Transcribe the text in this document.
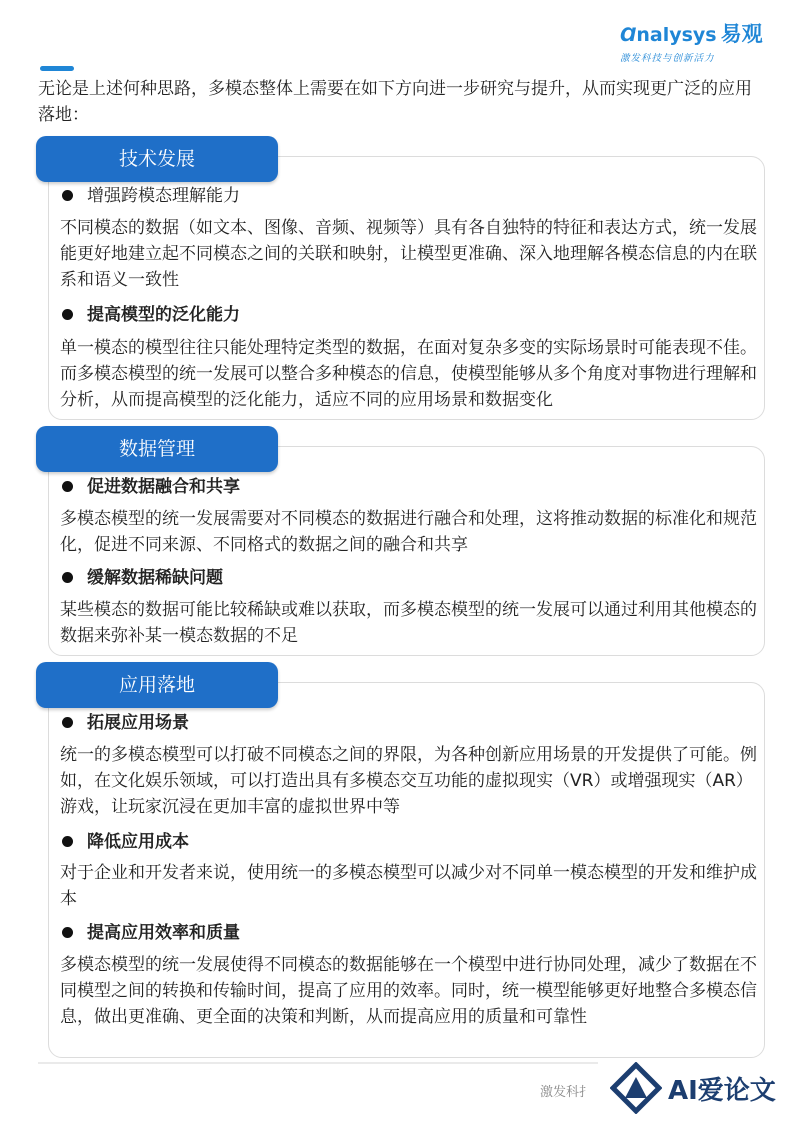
Ɑnalysys 易观
激发科技与创新活力
无论是上述何种思路，多模态整体上需要在如下方向进一步研究与提升，从而实现更广泛的应用落地：
技术发展
增强跨模态理解能力
不同模态的数据（如文本、图像、音频、视频等）具有各自独特的特征和表达方式，统一发展能更好地建立起不同模态之间的关联和映射，让模型更准确、深入地理解各模态信息的内在联系和语义一致性
提高模型的泛化能力
单一模态的模型往往只能处理特定类型的数据，在面对复杂多变的实际场景时可能表现不佳。而多模态模型的统一发展可以整合多种模态的信息，使模型能够从多个角度对事物进行理解和分析，从而提高模型的泛化能力，适应不同的应用场景和数据变化
数据管理
促进数据融合和共享
多模态模型的统一发展需要对不同模态的数据进行融合和处理，这将推动数据的标准化和规范化，促进不同来源、不同格式的数据之间的融合和共享
缓解数据稀缺问题
某些模态的数据可能比较稀缺或难以获取，而多模态模型的统一发展可以通过利用其他模态的数据来弥补某一模态数据的不足
应用落地
拓展应用场景
统一的多模态模型可以打破不同模态之间的界限，为各种创新应用场景的开发提供了可能。例如，在文化娱乐领域，可以打造出具有多模态交互功能的虚拟现实（VR）或增强现实（AR）游戏，让玩家沉浸在更加丰富的虚拟世界中等
降低应用成本
对于企业和开发者来说，使用统一的多模态模型可以减少对不同单一模态模型的开发和维护成本
提高应用效率和质量
多模态模型的统一发展使得不同模态的数据能够在一个模型中进行协同处理，减少了数据在不同模型之间的转换和传输时间，提高了应用的效率。同时，统一模型能够更好地整合多模态信息，做出更准确、更全面的决策和判断，从而提高应用的质量和可靠性
激发科扌	AI爱论文
